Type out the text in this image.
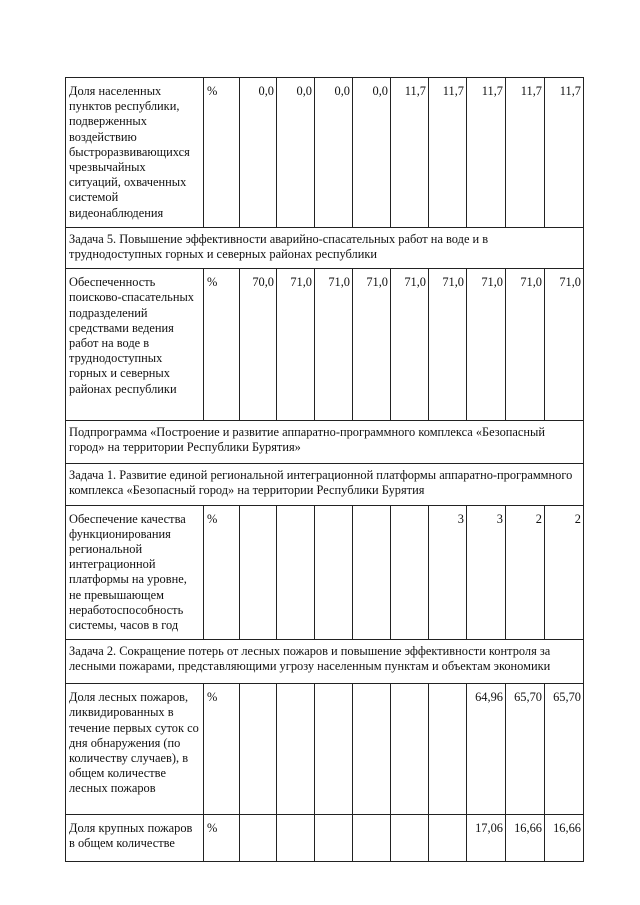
Доля населенных пунктов республики, подверженных воздействию быстроразвивающихся чрезвычайных ситуаций, охваченных системой видеонаблюдения	%	0,0	0,0	0,0	0,0	11,7	11,7	11,7	11,7	11,7
Задача 5. Повышение эффективности аварийно-спасательных работ на воде и в труднодоступных горных и северных районах республики										

Обеспеченность поисково-спасательных подразделений средствами ведения работ на воде в труднодоступных горных и северных районах республики	%	70,0	71,0	71,0	71,0	71,0	71,0	71,0	71,0	71,0
Подпрограмма «Построение и развитие аппаратно-программного комплекса «Безопасный город» на территории Республики Бурятия»										
Задача 1. Развитие единой региональной интеграционной платформы аппаратно-программного комплекса «Безопасный город» на территории Республики Бурятия										

Обеспечение качества функционирования региональной интеграционной платформы на уровне, не превышающем неработоспособность системы, часов в год	%						3	3	2	2
Задача 2. Сокращение потерь от лесных пожаров и повышение эффективности контроля за лесными пожарами, представляющими угрозу населенным пунктам и объектам экономики										

Доля лесных пожаров, ликвидированных в течение первых суток со дня обнаружения (по количеству случаев), в общем количестве лесных пожаров	%							64,96	65,70	65,70

Доля крупных пожаров в общем количестве	%							17,06	16,66	16,66
